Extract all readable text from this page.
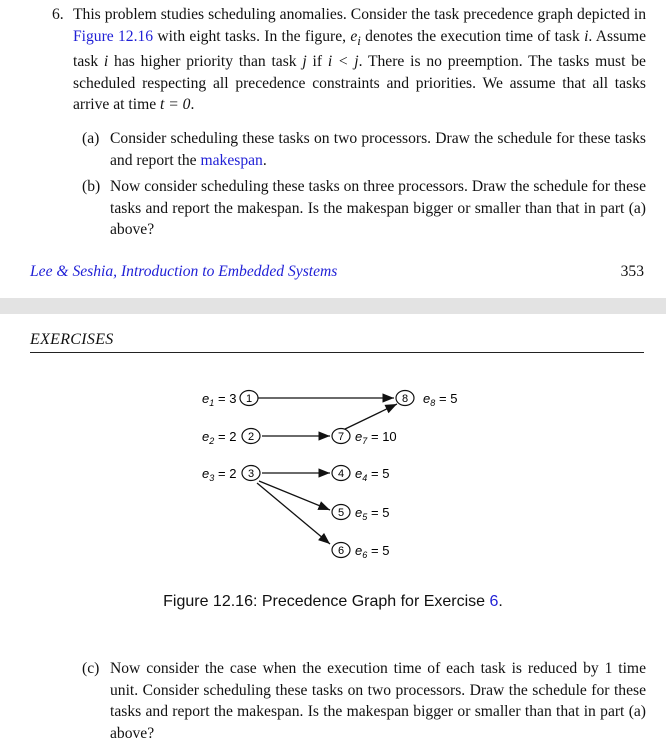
6. This problem studies scheduling anomalies. Consider the task precedence graph depicted in Figure 12.16 with eight tasks. In the figure, $e_i$ denotes the execution time of task i. Assume task i has higher priority than task j if i < j. There is no preemption. The tasks must be scheduled respecting all precedence constraints and priorities. We assume that all tasks arrive at time t = 0.
(a) Consider scheduling these tasks on two processors. Draw the schedule for these tasks and report the makespan.
(b) Now consider scheduling these tasks on three processors. Draw the schedule for these tasks and report the makespan. Is the makespan bigger or smaller than that in part (a) above?
Lee & Seshia, Introduction to Embedded Systems	353
EXERCISES
$e_1 = 3$ 1
$e_2 = 2$ 2
$e_3 = 2$ 3
7 $e_7 = 10$
8 $e_8 = 5$
4 $e_4 = 5$
5 $e_5 = 5$
6 $e_6 = 5$
Figure 12.16: Precedence Graph for Exercise 6.
(c) Now consider the case when the execution time of each task is reduced by 1 time unit. Consider scheduling these tasks on two processors. Draw the schedule for these tasks and report the makespan. Is the makespan bigger or smaller than that in part (a) above?
